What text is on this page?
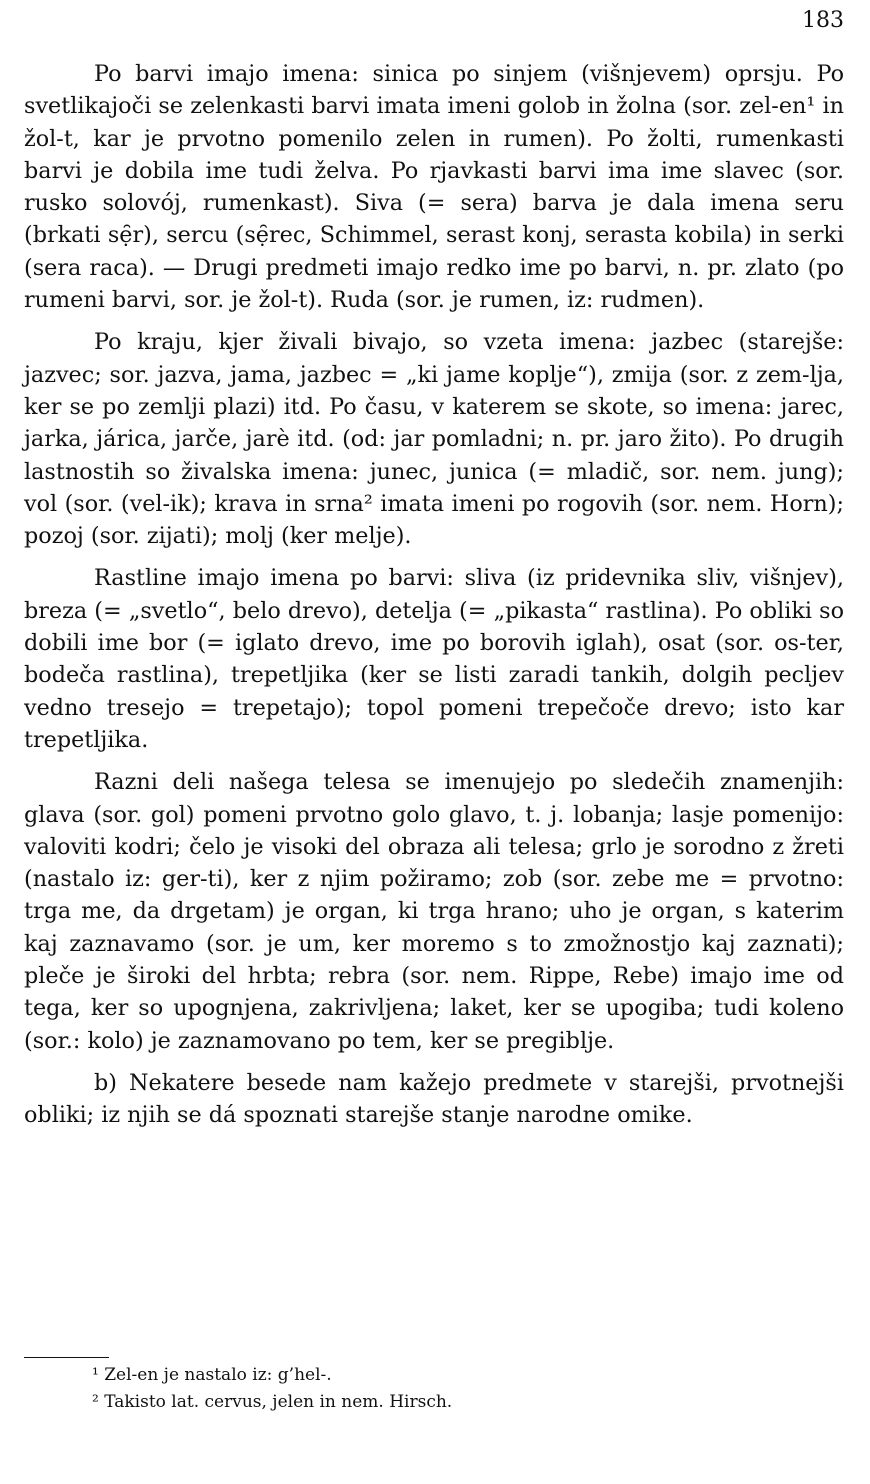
183

Po barvi imajo imena: sinica po sinjem (višnjevem) oprsju. Po svetlikajoči se zelenkasti barvi imata imeni golob in žolna (sor. zel-en¹ in žol-t, kar je prvotno pomenilo zelen in rumen). Po žolti, rumenkasti barvi je dobila ime tudi želva. Po rjavkasti barvi ima ime slavec (sor. rusko solovój, rumenkast). Siva (= sera) barva je dala imena seru (brkati sẹ̑r), sercu (sẹ̑rec, Schimmel, serast konj, serasta kobila) in serki (sera raca). — Drugi predmeti imajo redko ime po barvi, n. pr. zlato (po rumeni barvi, sor. je žol-t). Ruda (sor. je rumen, iz: rudmen).

Po kraju, kjer živali bivajo, so vzeta imena: jazbec (starejše: jazvec; sor. jazva, jama, jazbec = „ki jame koplje“), zmija (sor. z zem-lja, ker se po zemlji plazi) itd. Po času, v katerem se skote, so imena: jarec, jarka, járica, jarče, jarè itd. (od: jar pomladni; n. pr. jaro žito). Po drugih lastnostih so živalska imena: junec, junica (= mladič, sor. nem. jung); vol (sor. (vel-ik); krava in srna² imata imeni po rogovih (sor. nem. Horn); pozoj (sor. zijati); molj (ker melje).

Rastline imajo imena po barvi: sliva (iz pridevnika sliv, višnjev), breza (= „svetlo“, belo drevo), detelja (= „pikasta“ rastlina). Po obliki so dobili ime bor (= iglato drevo, ime po borovih iglah), osat (sor. os-ter, bodeča rastlina), trepetljika (ker se listi zaradi tankih, dolgih pecljev vedno tresejo = trepetajo); topol pomeni trepečoče drevo; isto kar trepetljika.

Razni deli našega telesa se imenujejo po sledečih znamenjih: glava (sor. gol) pomeni prvotno golo glavo, t. j. lobanja; lasje pomenijo: valoviti kodri; čelo je visoki del obraza ali telesa; grlo je sorodno z žreti (nastalo iz: ger-ti), ker z njim požiramo; zob (sor. zebe me = prvotno: trga me, da drgetam) je organ, ki trga hrano; uho je organ, s katerim kaj zaznavamo (sor. je um, ker moremo s to zmožnostjo kaj zaznati); pleče je široki del hrbta; rebra (sor. nem. Rippe, Rebe) imajo ime od tega, ker so upognjena, zakrivljena; laket, ker se upogiba; tudi koleno (sor.: kolo) je zaznamovano po tem, ker se pregiblje.

b) Nekatere besede nam kažejo predmete v starejši, prvotnejši obliki; iz njih se dá spoznati starejše stanje narodne omike.

¹ Zel-en je nastalo iz: g’hel-.
² Takisto lat. cervus, jelen in nem. Hirsch.
